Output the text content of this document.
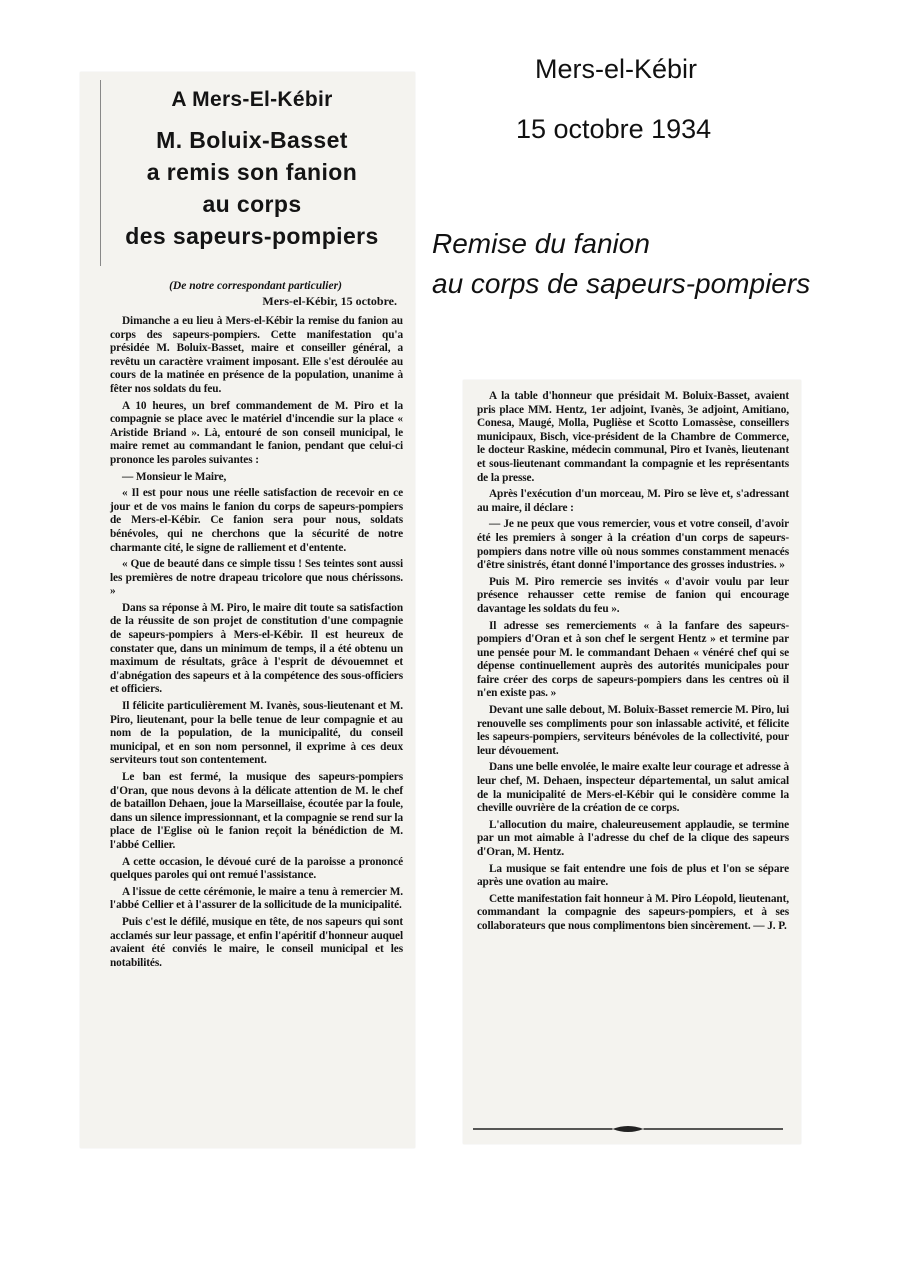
Mers-el-Kébir
15 octobre 1934
Remise du fanion
au corps de sapeurs-pompiers
A Mers-El-Kébir
M. Boluix-Basset
a remis son fanion
au corps
des sapeurs-pompiers
(De notre correspondant particulier)
Mers-el-Kébir, 15 octobre.

Dimanche a eu lieu à Mers-el-Kébir la remise du fanion au corps des sapeurs-pompiers. Cette manifestation qu'a présidée M. Boluix-Basset, maire et conseiller général, a revêtu un caractère vraiment imposant. Elle s'est déroulée au cours de la matinée en présence de la population, unanime à fêter nos soldats du feu.

A 10 heures, un bref commandement de M. Piro et la compagnie se place avec le matériel d'incendie sur la place « Aristide Briand ». Là, entouré de son conseil municipal, le maire remet au commandant le fanion, pendant que celui-ci prononce les paroles suivantes :

— Monsieur le Maire,

« Il est pour nous une réelle satisfaction de recevoir en ce jour et de vos mains le fanion du corps de sapeurs-pompiers de Mers-el-Kébir. Ce fanion sera pour nous, soldats bénévoles, qui ne cherchons que la sécurité de notre charmante cité, le signe de ralliement et d'entente.

« Que de beauté dans ce simple tissu ! Ses teintes sont aussi les premières de notre drapeau tricolore que nous chérissons. »

Dans sa réponse à M. Piro, le maire dit toute sa satisfaction de la réussite de son projet de constitution d'une compagnie de sapeurs-pompiers à Mers-el-Kébir. Il est heureux de constater que, dans un minimum de temps, il a été obtenu un maximum de résultats, grâce à l'esprit de dévouemnet et d'abnégation des sapeurs et à la compétence des sous-officiers et officiers.

Il félicite particulièrement M. Ivanès, sous-lieutenant et M. Piro, lieutenant, pour la belle tenue de leur compagnie et au nom de la population, de la municipalité, du conseil municipal, et en son nom personnel, il exprime à ces deux serviteurs tout son contentement.

Le ban est fermé, la musique des sapeurs-pompiers d'Oran, que nous devons à la délicate attention de M. le chef de bataillon Dehaen, joue la Marseillaise, écoutée par la foule, dans un silence impressionnant, et la compagnie se rend sur la place de l'Eglise où le fanion reçoit la bénédiction de M. l'abbé Cellier.

A cette occasion, le dévoué curé de la paroisse a prononcé quelques paroles qui ont remué l'assistance.

A l'issue de cette cérémonie, le maire a tenu à remercier M. l'abbé Cellier et à l'assurer de la sollicitude de la municipalité.

Puis c'est le défilé, musique en tête, de nos sapeurs qui sont acclamés sur leur passage, et enfin l'apéritif d'honneur auquel avaient été conviés le maire, le conseil municipal et les notabilités.

A la table d'honneur que présidait M. Boluix-Basset, avaient pris place MM. Hentz, 1er adjoint, Ivanès, 3e adjoint, Amitiano, Conesa, Maugé, Molla, Puglièse et Scotto Lomassèse, conseillers municipaux, Bisch, vice-président de la Chambre de Commerce, le docteur Raskine, médecin communal, Piro et Ivanès, lieutenant et sous-lieutenant commandant la compagnie et les représentants de la presse.

Après l'exécution d'un morceau, M. Piro se lève et, s'adressant au maire, il déclare :

— Je ne peux que vous remercier, vous et votre conseil, d'avoir été les premiers à songer à la création d'un corps de sapeurs-pompiers dans notre ville où nous sommes constamment menacés d'être sinistrés, étant donné l'importance des grosses industries. »

Puis M. Piro remercie ses invités « d'avoir voulu par leur présence rehausser cette remise de fanion qui encourage davantage les soldats du feu ».

Il adresse ses remerciements « à la fanfare des sapeurs-pompiers d'Oran et à son chef le sergent Hentz » et termine par une pensée pour M. le commandant Dehaen « vénéré chef qui se dépense continuellement auprès des autorités municipales pour faire créer des corps de sapeurs-pompiers dans les centres où il n'en existe pas. »

Devant une salle debout, M. Boluix-Basset remercie M. Piro, lui renouvelle ses compliments pour son inlassable activité, et félicite les sapeurs-pompiers, serviteurs bénévoles de la collectivité, pour leur dévouement.

Dans une belle envolée, le maire exalte leur courage et adresse à leur chef, M. Dehaen, inspecteur départemental, un salut amical de la municipalité de Mers-el-Kébir qui le considère comme la cheville ouvrière de la création de ce corps.

L'allocution du maire, chaleureusement applaudie, se termine par un mot aimable à l'adresse du chef de la clique des sapeurs d'Oran, M. Hentz.

La musique se fait entendre une fois de plus et l'on se sépare après une ovation au maire.

Cette manifestation fait honneur à M. Piro Léopold, lieutenant, commandant la compagnie des sapeurs-pompiers, et à ses collaborateurs que nous complimentons bien sincèrement. — J. P.
